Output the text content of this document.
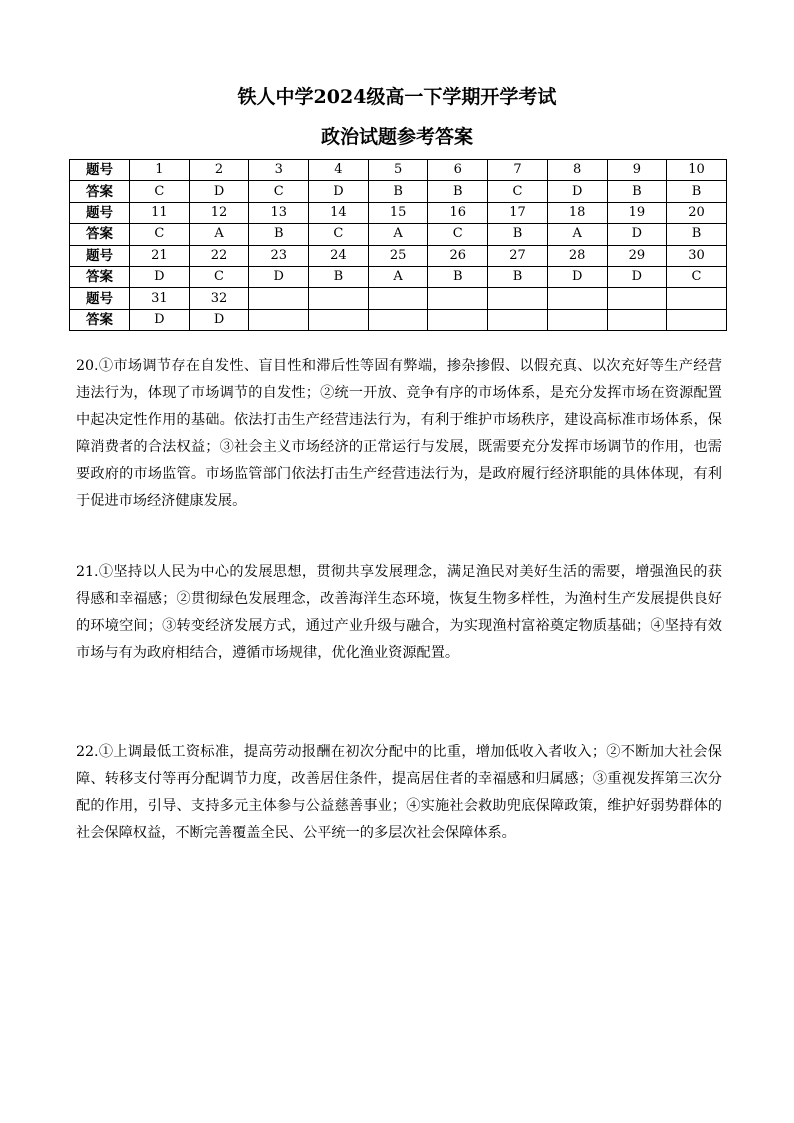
铁人中学2024级高一下学期开学考试
政治试题参考答案
题号	1	2	3	4	5	6	7	8	9	10
答案	C	D	C	D	B	B	C	D	B	B
题号	11	12	13	14	15	16	17	18	19	20
答案	C	A	B	C	A	C	B	A	D	B
题号	21	22	23	24	25	26	27	28	29	30
答案	D	C	D	B	A	B	B	D	D	C
题号	31	32								
答案	D	D								

20.①市场调节存在自发性、盲目性和滞后性等固有弊端，掺杂掺假、以假充真、以次充好等生产经营违法行为，体现了市场调节的自发性；②统一开放、竞争有序的市场体系，是充分发挥市场在资源配置中起决定性作用的基础。依法打击生产经营违法行为，有利于维护市场秩序，建设高标准市场体系，保障消费者的合法权益；③社会主义市场经济的正常运行与发展，既需要充分发挥市场调节的作用，也需要政府的市场监管。市场监管部门依法打击生产经营违法行为，是政府履行经济职能的具体体现，有利于促进市场经济健康发展。

21.①坚持以人民为中心的发展思想，贯彻共享发展理念，满足渔民对美好生活的需要，增强渔民的获得感和幸福感；②贯彻绿色发展理念，改善海洋生态环境，恢复生物多样性，为渔村生产发展提供良好的环境空间；③转变经济发展方式，通过产业升级与融合，为实现渔村富裕奠定物质基础；④坚持有效市场与有为政府相结合，遵循市场规律，优化渔业资源配置。

22.①上调最低工资标准，提高劳动报酬在初次分配中的比重，增加低收入者收入；②不断加大社会保障、转移支付等再分配调节力度，改善居住条件，提高居住者的幸福感和归属感；③重视发挥第三次分配的作用，引导、支持多元主体参与公益慈善事业；④实施社会救助兜底保障政策，维护好弱势群体的社会保障权益，不断完善覆盖全民、公平统一的多层次社会保障体系。
